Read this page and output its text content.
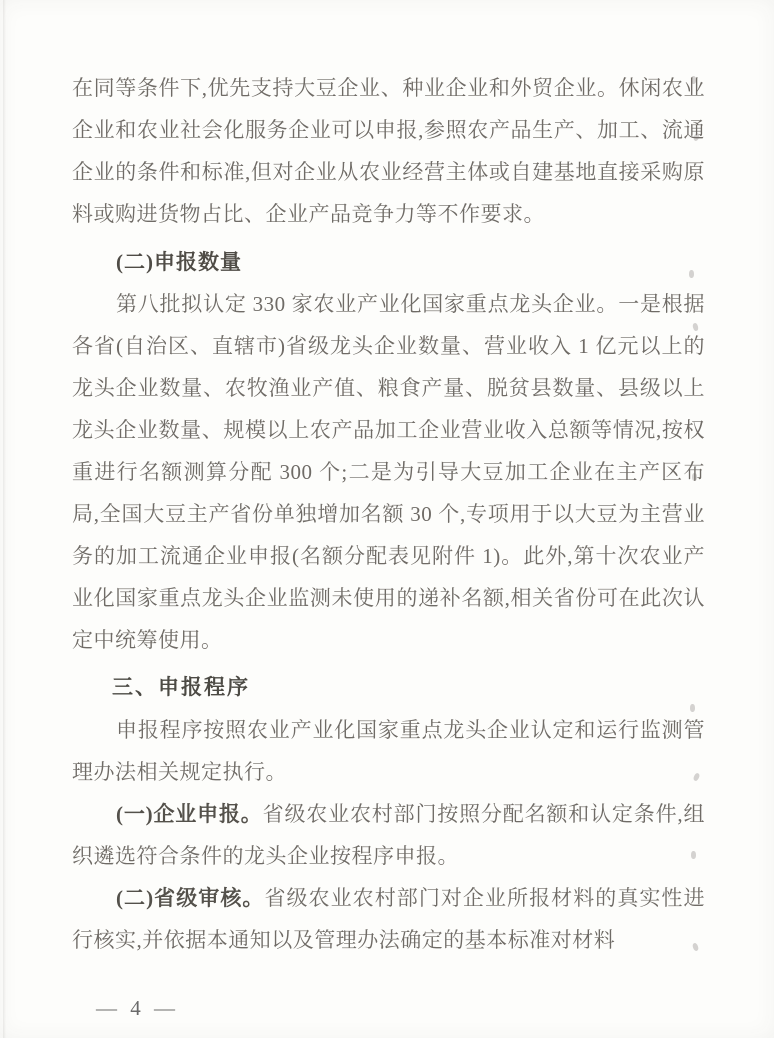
在同等条件下,优先支持大豆企业、种业企业和外贸企业。休闲农业企业和农业社会化服务企业可以申报,参照农产品生产、加工、流通企业的条件和标准,但对企业从农业经营主体或自建基地直接采购原料或购进货物占比、企业产品竞争力等不作要求。

(二)申报数量

第八批拟认定 330 家农业产业化国家重点龙头企业。一是根据各省(自治区、直辖市)省级龙头企业数量、营业收入 1 亿元以上的龙头企业数量、农牧渔业产值、粮食产量、脱贫县数量、县级以上龙头企业数量、规模以上农产品加工企业营业收入总额等情况,按权重进行名额测算分配 300 个;二是为引导大豆加工企业在主产区布局,全国大豆主产省份单独增加名额 30 个,专项用于以大豆为主营业务的加工流通企业申报(名额分配表见附件 1)。此外,第十次农业产业化国家重点龙头企业监测未使用的递补名额,相关省份可在此次认定中统筹使用。

三、申报程序

申报程序按照农业产业化国家重点龙头企业认定和运行监测管理办法相关规定执行。

(一)企业申报。省级农业农村部门按照分配名额和认定条件,组织遴选符合条件的龙头企业按程序申报。

(二)省级审核。省级农业农村部门对企业所报材料的真实性进行核实,并依据本通知以及管理办法确定的基本标准对材料

— 4 —
